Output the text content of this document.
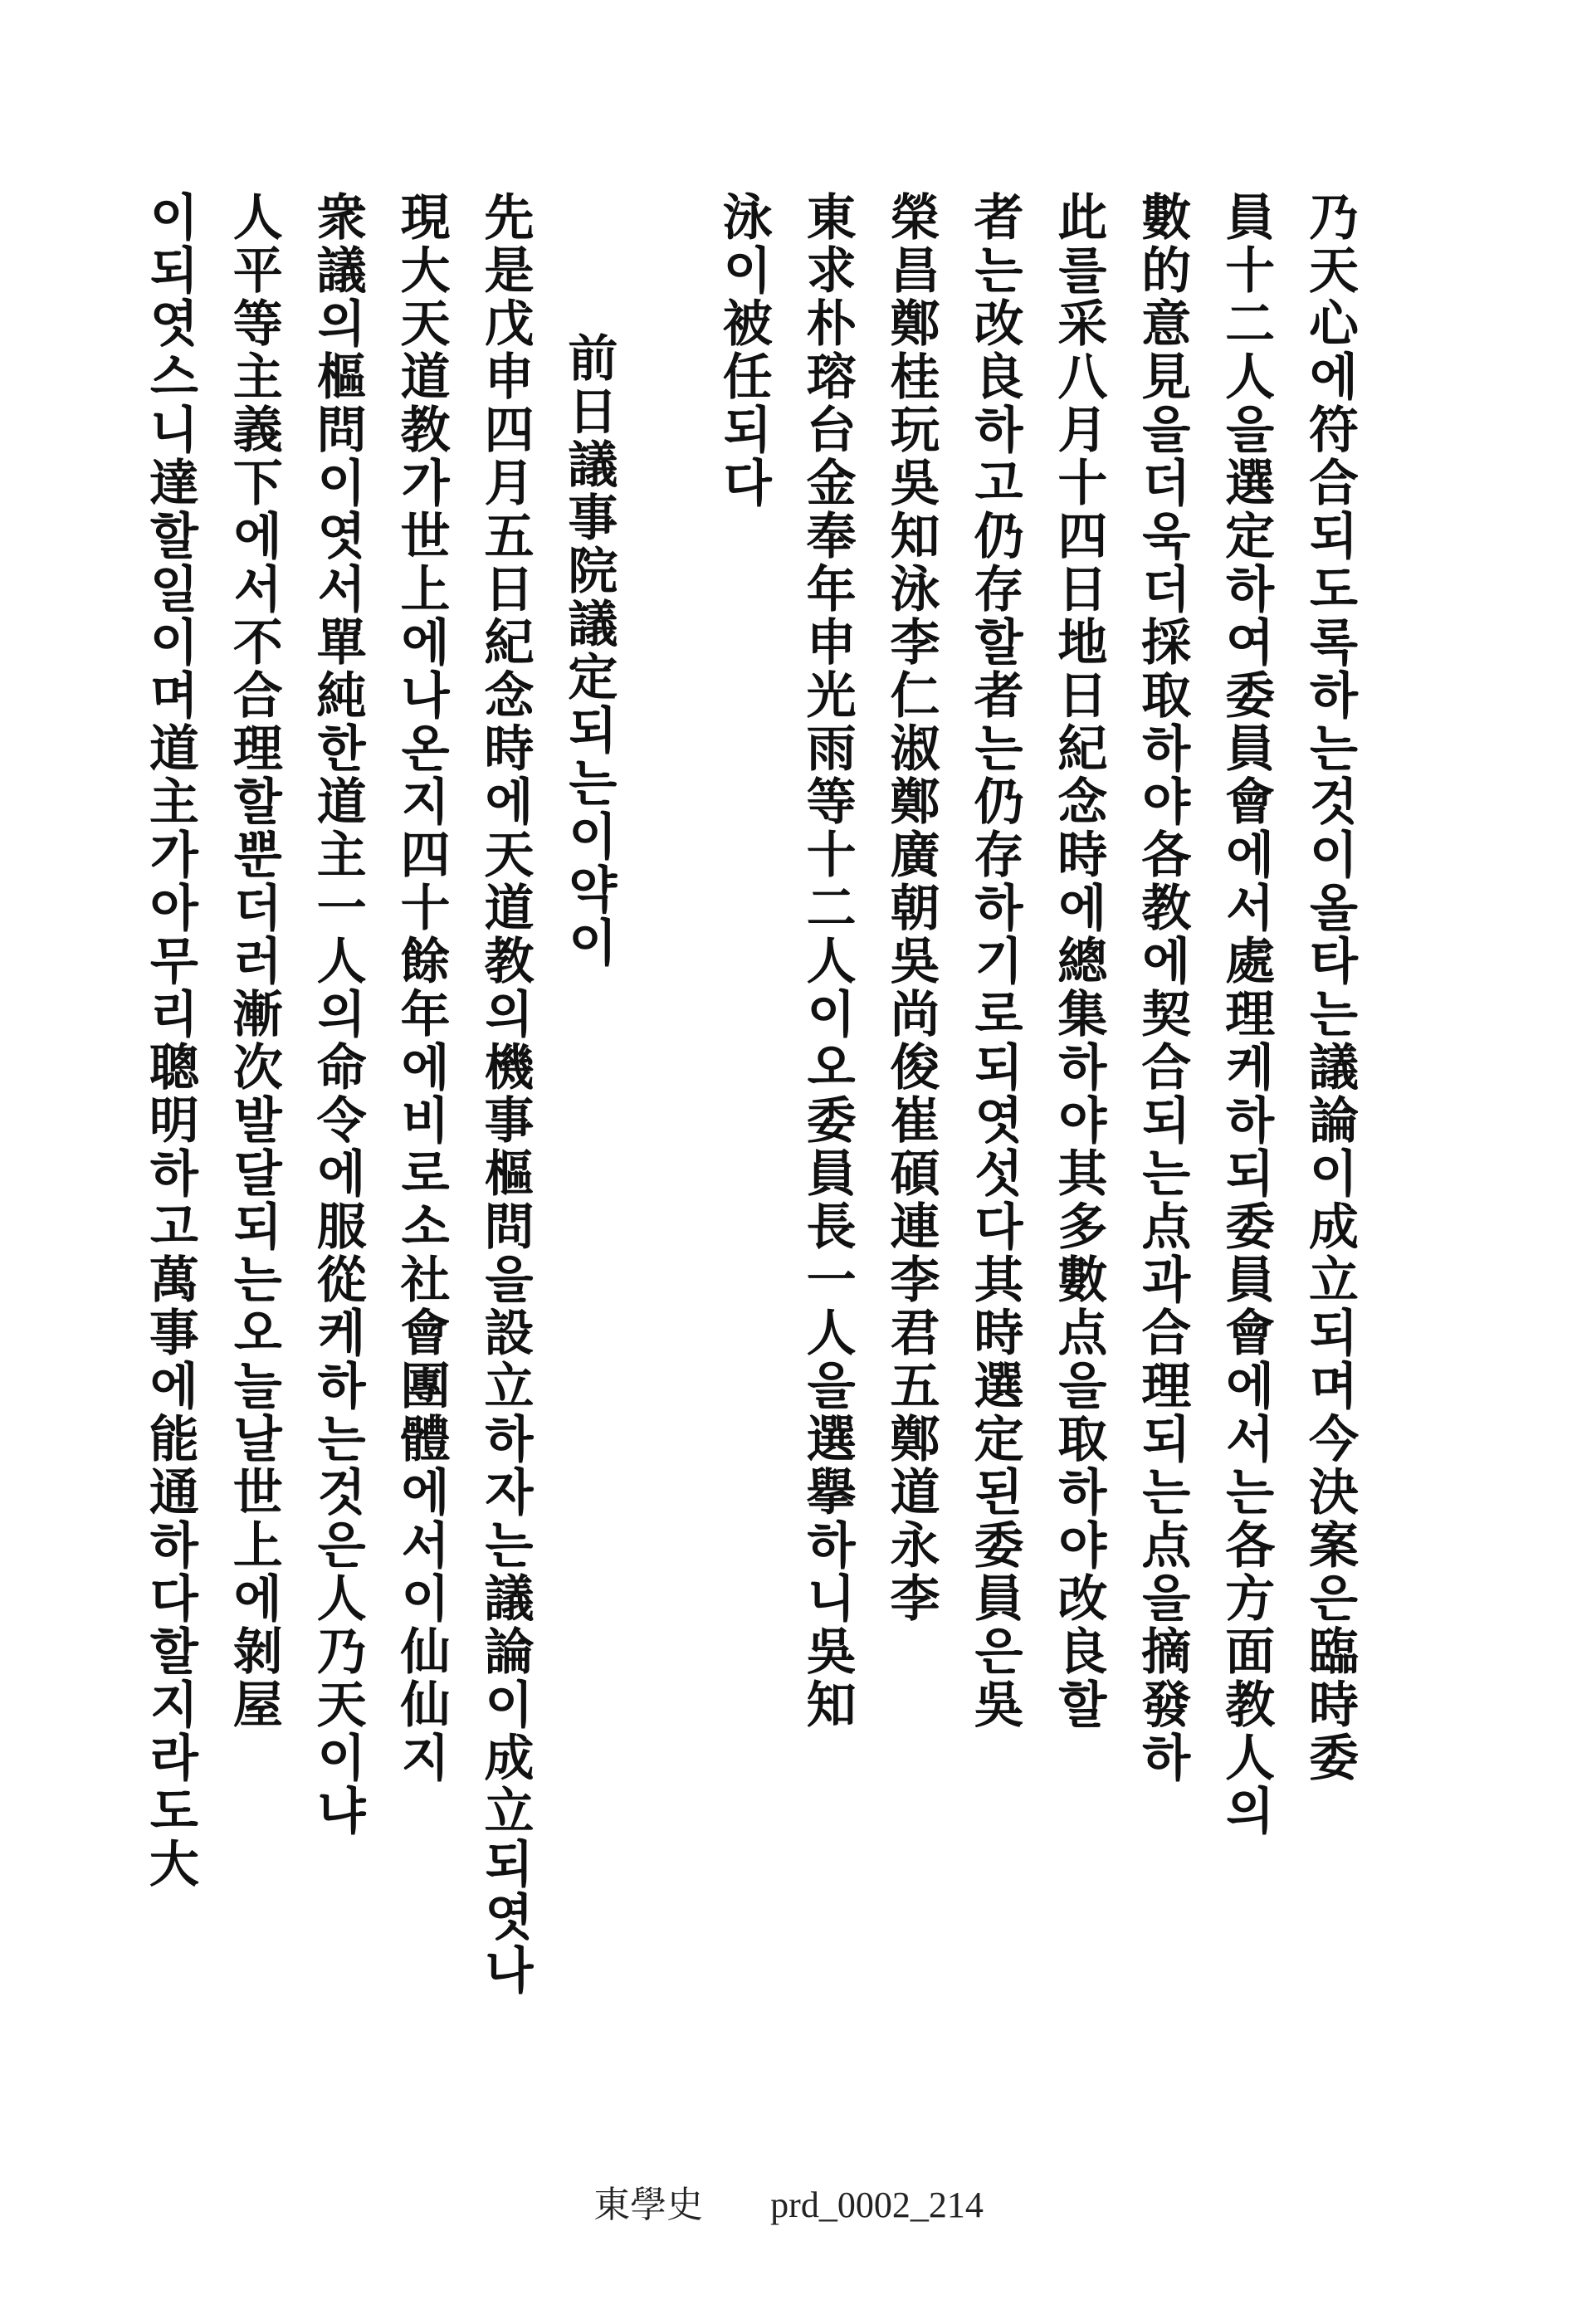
乃天心에符合되도록하는것이올타는議論이成立되며今決案은臨時委
員十二人을選定하여委員會에서處理케하되委員會에서는各方面教人의
數的意見을더욱더採取하야各教에契合되는点과合理되는点을摘發하
此를采八月十四日地日紀念時에總集하야其多數点을取하야改良할
者는改良하고仍存할者는仍存하기로되엿섯다其時選定된委員은吳
榮昌鄭桂玩吳知泳李仁淑鄭廣朝吳尚俊崔碩連李君五鄭道永李
東求朴瑢台金奉年申光雨等十二人이오委員長一人을選擧하니吳知
泳이被任되다
前日議事院議定되는이약이
先是戊申四月五日紀念時에天道教의機事樞問을設立하자는議論이成立되엿나
現大天道教가世上에나온지四十餘年에비로소社會團體에서이仙仙지
衆議의樞問이엿서單純한道主一人의命令에服從케하는것은人乃天이냐
人平等主義下에서不合理할뿐더러漸次발달되는오늘날世上에剝屋
이되엿스니達할일이며道主가아무리聰明하고萬事에能通하다할지라도大
東學史 prd_0002_214
